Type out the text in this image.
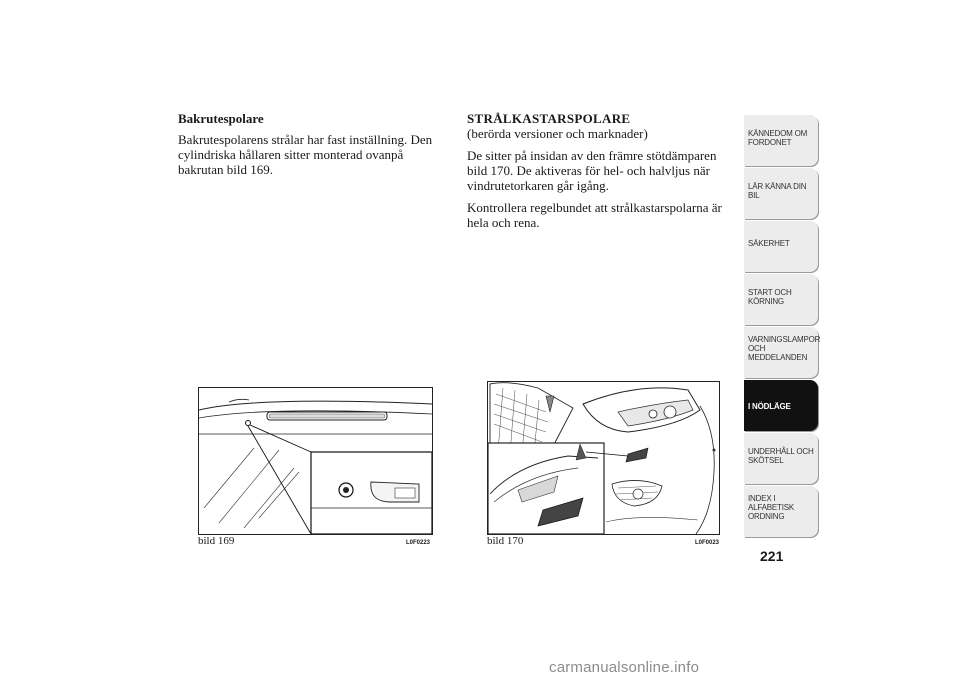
Bakrutespolare

Bakrutespolarens strålar har fast inställning. Den cylindriska hållaren sitter monterad ovanpå bakrutan bild 169.

STRÅLKASTARSPOLARE

(berörda versioner och marknader)

De sitter på insidan av den främre stötdämparen bild 170. De aktiveras för hel- och halvljus när vindrutetorkaren går igång.

Kontrollera regelbundet att strålkastarspolarna är hela och rena.

bild 169	L0F0223	bild 170	L0F0023
KÄNNEDOM OM FORDONET
LÄR KÄNNA DIN BIL
SÄKERHET
START OCH KÖRNING
VARNINGSLAMPOR OCH MEDDELANDEN
I NÖDLÄGE
UNDERHÅLL OCH SKÖTSEL
INDEX I ALFABETISK ORDNING
221
carmanualsonline.info
